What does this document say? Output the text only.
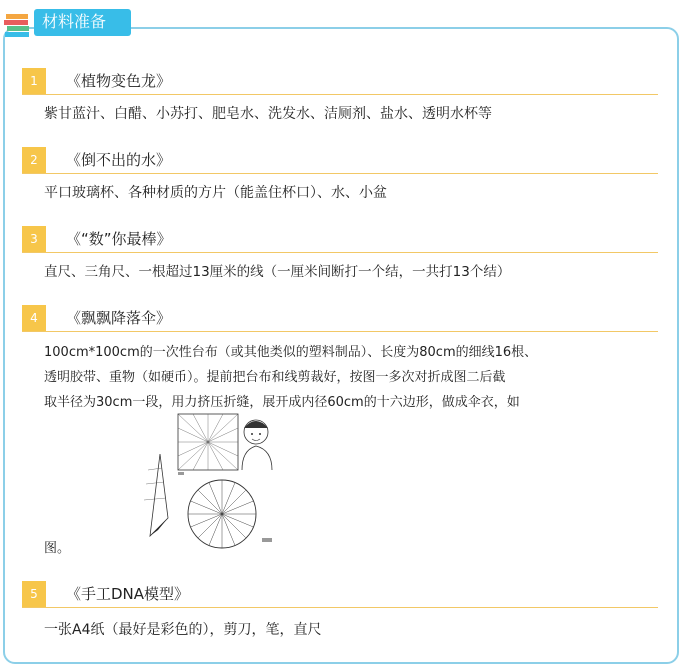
材料准备
1	《植物变色龙》
紫甘蓝汁、白醋、小苏打、肥皂水、洗发水、洁厕剂、盐水、透明水杯等
2	《倒不出的水》
平口玻璃杯、各种材质的方片（能盖住杯口）、水、小盆
3	《“数”你最棒》
直尺、三角尺、一根超过13厘米的线（一厘米间断打一个结，一共打13个结）
4	《飘飘降落伞》
100cm*100cm的一次性台布（或其他类似的塑料制品）、长度为80cm的细线16根、
透明胶带、重物（如硬币）。提前把台布和线剪裁好，按图一多次对折成图二后截
取半径为30cm一段，用力挤压折缝，展开成内径60cm的十六边形，做成伞衣，如
图。
5	《手工DNA模型》
一张A4纸（最好是彩色的），剪刀，笔，直尺
